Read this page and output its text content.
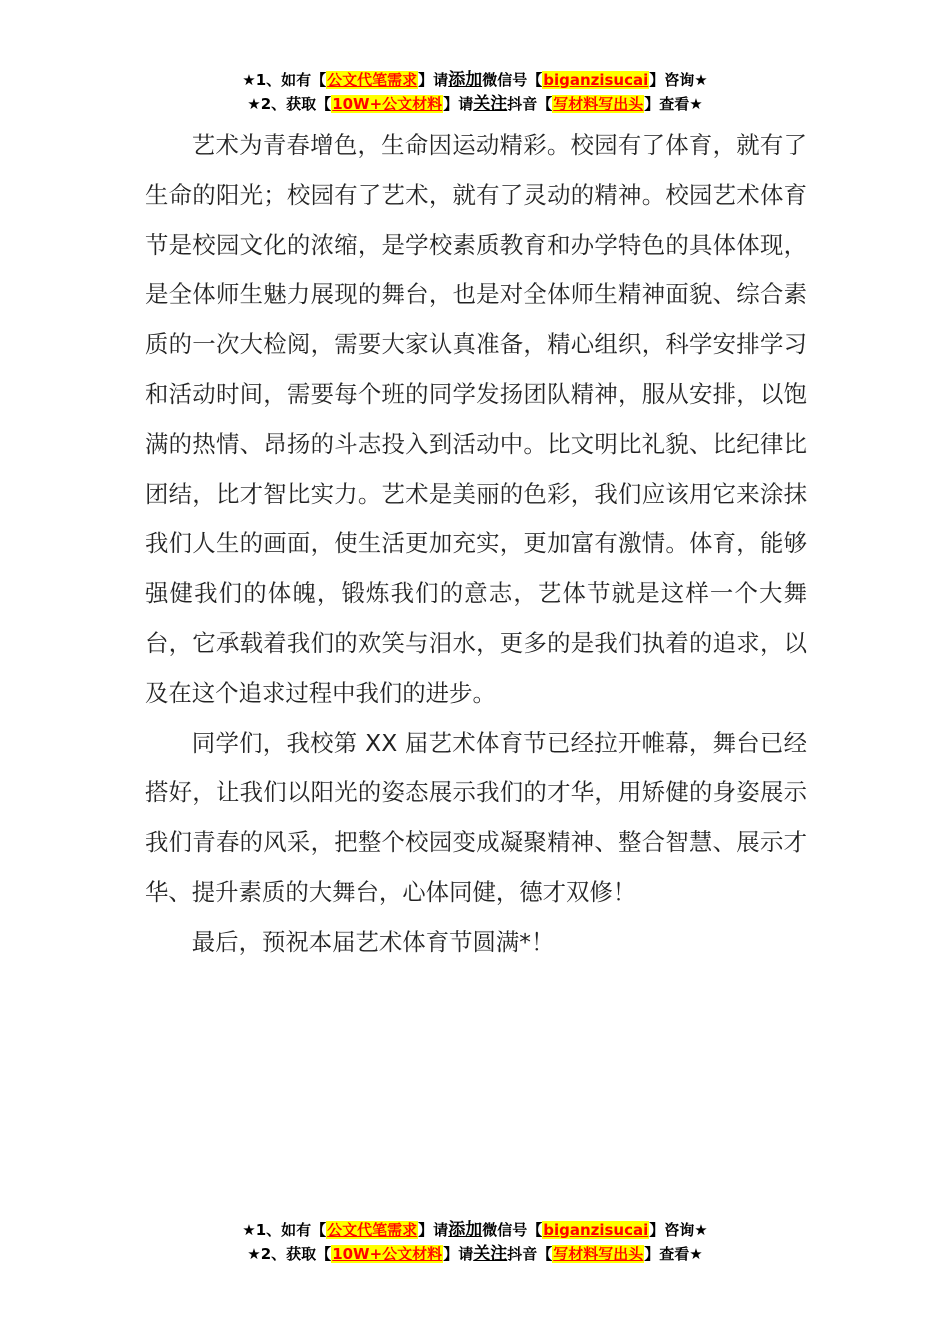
★1、如有【公文代笔需求】请添加微信号【biganzisucai】咨询★
★2、获取【10W+公文材料】请关注抖音【写材料写出头】查看★

艺术为青春增色，生命因运动精彩。校园有了体育，就有了生命的阳光；校园有了艺术，就有了灵动的精神。校园艺术体育节是校园文化的浓缩，是学校素质教育和办学特色的具体体现，是全体师生魅力展现的舞台，也是对全体师生精神面貌、综合素质的一次大检阅，需要大家认真准备，精心组织，科学安排学习和活动时间，需要每个班的同学发扬团队精神，服从安排，以饱满的热情、昂扬的斗志投入到活动中。比文明比礼貌、比纪律比团结，比才智比实力。艺术是美丽的色彩，我们应该用它来涂抹我们人生的画面，使生活更加充实，更加富有激情。体育，能够强健我们的体魄，锻炼我们的意志，艺体节就是这样一个大舞台，它承载着我们的欢笑与泪水，更多的是我们执着的追求，以及在这个追求过程中我们的进步。

同学们，我校第 XX 届艺术体育节已经拉开帷幕，舞台已经搭好，让我们以阳光的姿态展示我们的才华，用矫健的身姿展示我们青春的风采，把整个校园变成凝聚精神、整合智慧、展示才华、提升素质的大舞台，心体同健，德才双修！

最后，预祝本届艺术体育节圆满*！

★1、如有【公文代笔需求】请添加微信号【biganzisucai】咨询★
★2、获取【10W+公文材料】请关注抖音【写材料写出头】查看★
